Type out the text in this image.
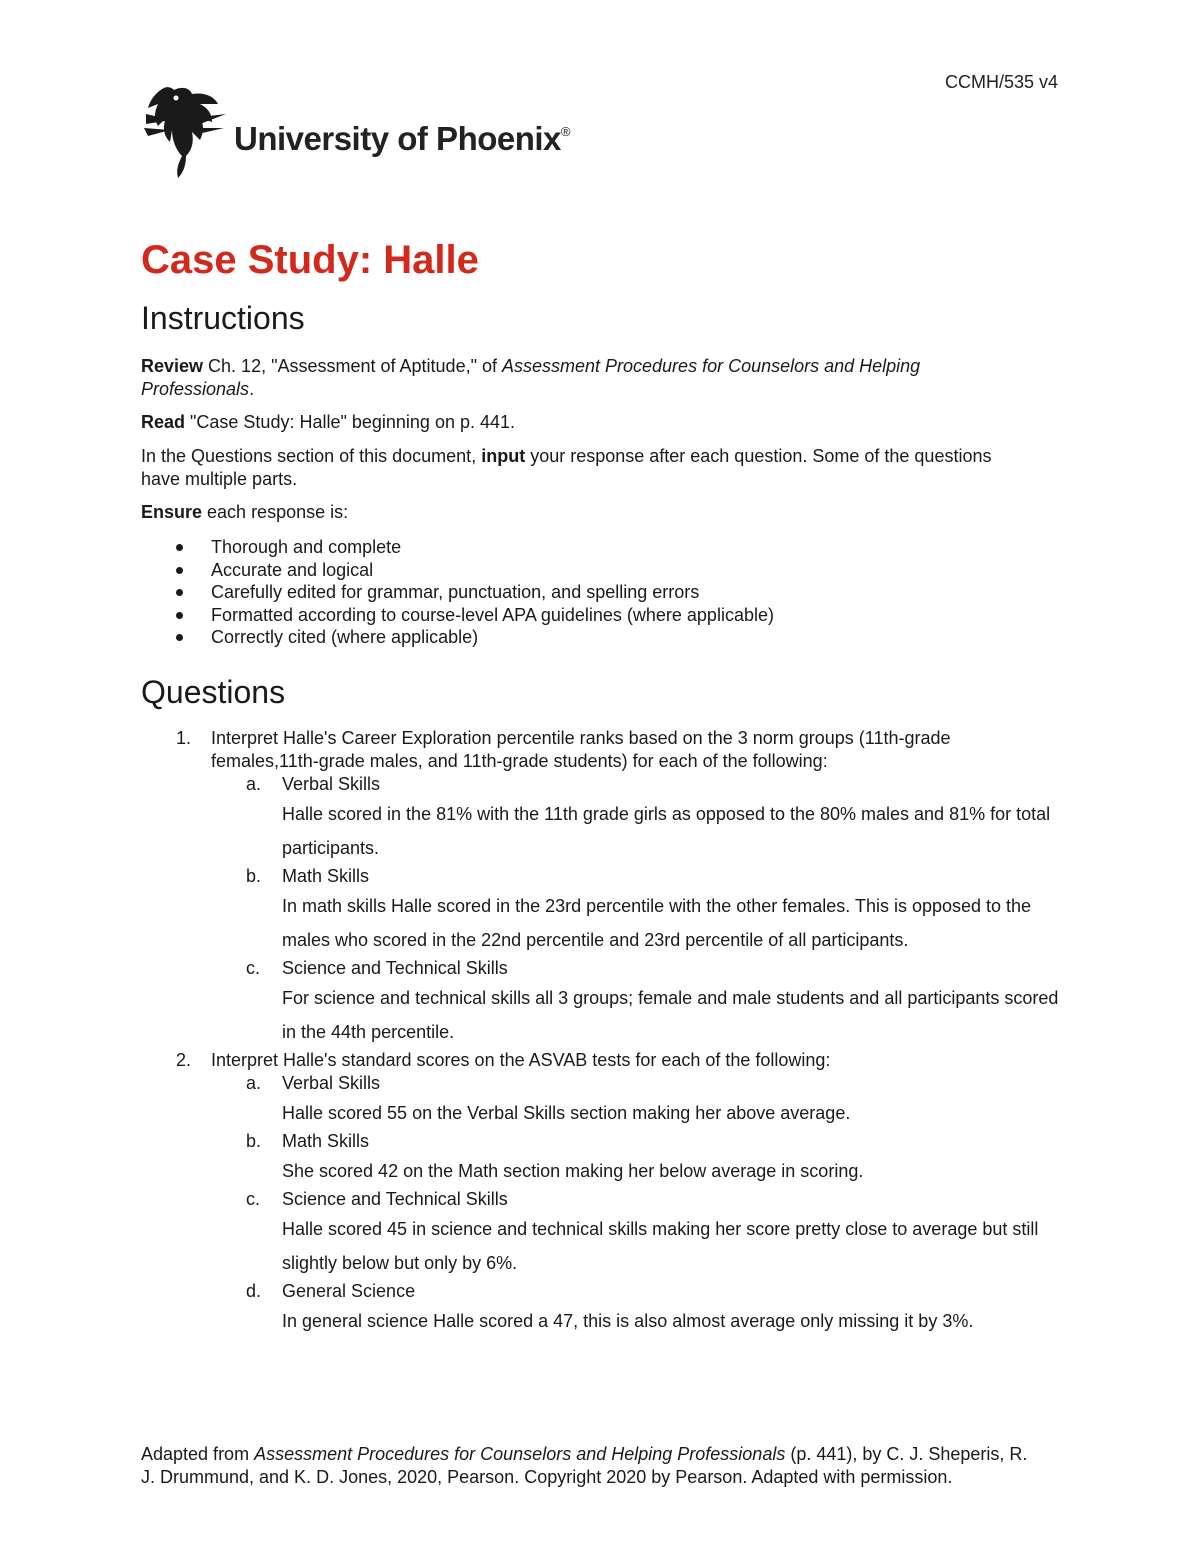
CCMH/535 v4
University of Phoenix®
Case Study: Halle
Instructions

Review Ch. 12, "Assessment of Aptitude," of Assessment Procedures for Counselors and Helping Professionals.

Read "Case Study: Halle" beginning on p. 441.

In the Questions section of this document, input your response after each question. Some of the questions have multiple parts.

Ensure each response is:

Thorough and complete
Accurate and logical
Carefully edited for grammar, punctuation, and spelling errors
Formatted according to course-level APA guidelines (where applicable)
Correctly cited (where applicable)
Questions
1. Interpret Halle's Career Exploration percentile ranks based on the 3 norm groups (11th-grade females,11th-grade males, and 11th-grade students) for each of the following:
a. Verbal Skills
Halle scored in the 81% with the 11th grade girls as opposed to the 80% males and 81% for total participants.
b. Math Skills
In math skills Halle scored in the 23rd percentile with the other females. This is opposed to the males who scored in the 22nd percentile and 23rd percentile of all participants.
c. Science and Technical Skills
For science and technical skills all 3 groups; female and male students and all participants scored in the 44th percentile.
2. Interpret Halle's standard scores on the ASVAB tests for each of the following:
a. Verbal Skills
Halle scored 55 on the Verbal Skills section making her above average.
b. Math Skills
She scored 42 on the Math section making her below average in scoring.
c. Science and Technical Skills
Halle scored 45 in science and technical skills making her score pretty close to average but still slightly below but only by 6%.
d. General Science
In general science Halle scored a 47, this is also almost average only missing it by 3%.

Adapted from Assessment Procedures for Counselors and Helping Professionals (p. 441), by C. J. Sheperis, R. J. Drummund, and K. D. Jones, 2020, Pearson. Copyright 2020 by Pearson. Adapted with permission.
